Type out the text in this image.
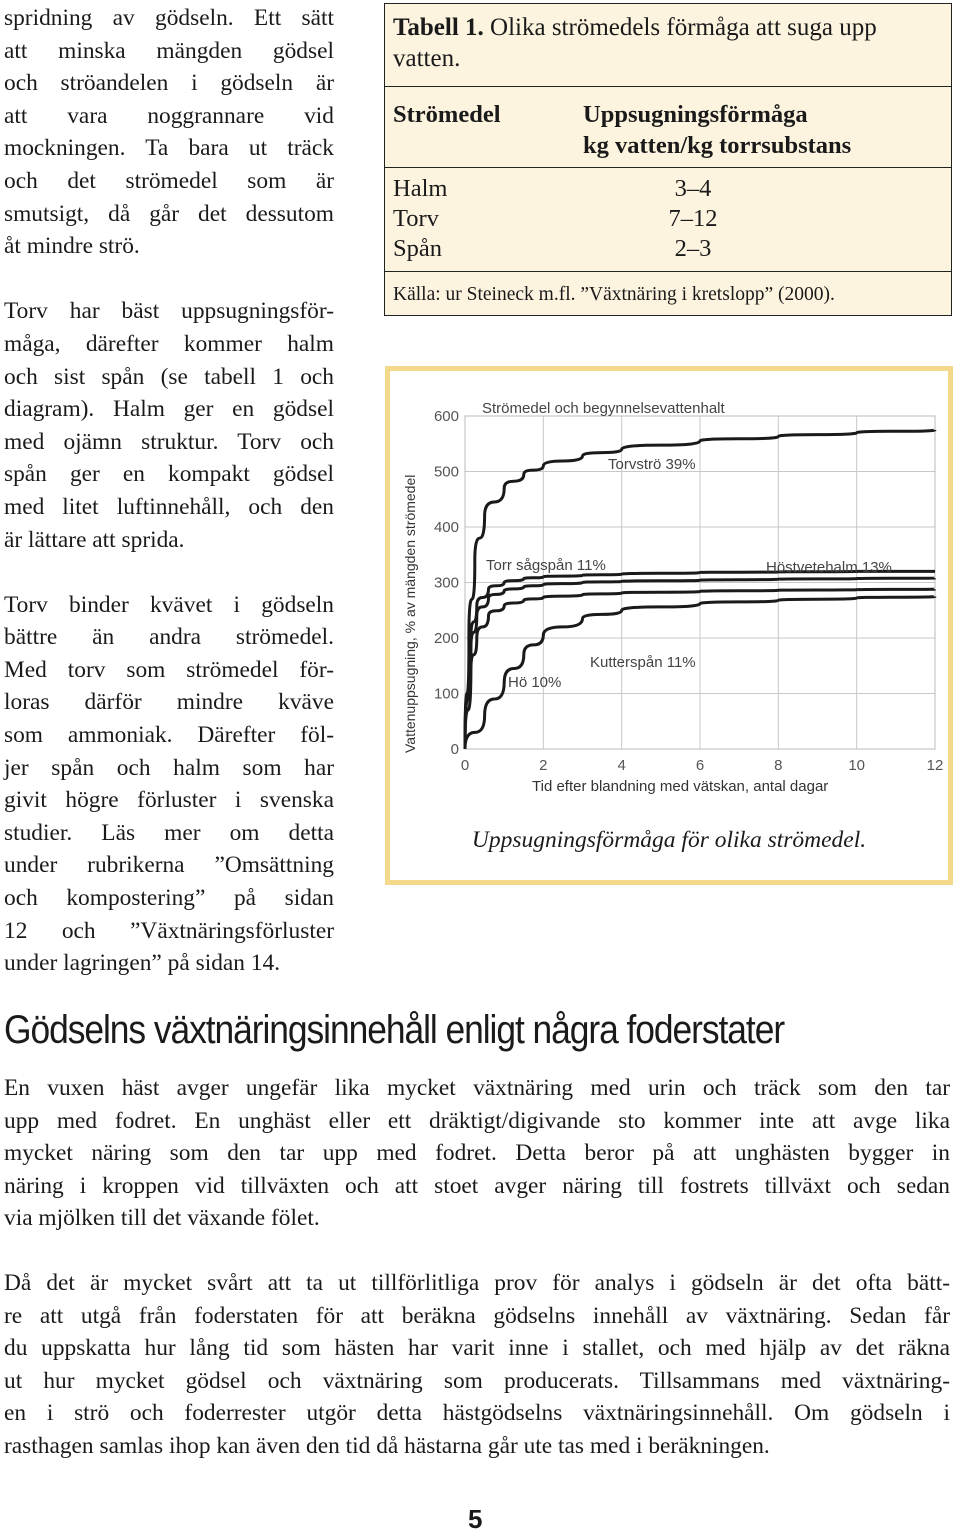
spridning av gödseln. Ett sätt
att minska mängden gödsel
och ströandelen i gödseln är
att vara noggrannare vid
mockningen. Ta bara ut träck
och det strömedel som är
smutsigt, då går det dessutom
åt mindre strö.

Torv har bäst uppsugningsför-
måga, därefter kommer halm
och sist spån (se tabell 1 och
diagram). Halm ger en gödsel
med ojämn struktur. Torv och
spån ger en kompakt gödsel
med litet luftinnehåll, och den
är lättare att sprida.

Torv binder kvävet i gödseln
bättre än andra strömedel.
Med torv som strömedel för-
loras därför mindre kväve
som ammoniak. Därefter föl-
jer spån och halm som har
givit högre förluster i svenska
studier. Läs mer om detta
under rubrikerna ”Omsättning
och kompostering” på sidan
12 och ”Växtnäringsförluster
under lagringen” på sidan 14.

Tabell 1. Olika strömedels förmåga att suga upp vatten.
Strömedel	Uppsugningsförmåga
kg vatten/kg torrsubstans
Halm	3–4
Torv	7–12
Spån	2–3
Källa: ur Steineck m.fl. ”Växtnäring i kretslopp” (2000).
0	2	4	6	8	10	12
0
100
200
300
400
500
600 Strömedel och begynnelsevattenhalt
Tid efter blandning med vätskan, antal dagar
Vattenuppsugning, % av mängden strömedel
Torvströ 39%
Torr sågspån 11%	Höstvetehalm 13%
Kutterspån 11%
Hö 10%
Uppsugningsförmåga för olika strömedel.
Gödselns växtnäringsinnehåll enligt några foderstater
En vuxen häst avger ungefär lika mycket växtnäring med urin och träck som den tar
upp med fodret. En unghäst eller ett dräktigt/digivande sto kommer inte att avge lika
mycket näring som den tar upp med fodret. Detta beror på att unghästen bygger in
näring i kroppen vid tillväxten och att stoet avger näring till fostrets tillväxt och sedan
via mjölken till det växande fölet.
Då det är mycket svårt att ta ut tillförlitliga prov för analys i gödseln är det ofta bätt-
re att utgå från foderstaten för att beräkna gödselns innehåll av växtnäring. Sedan får
du uppskatta hur lång tid som hästen har varit inne i stallet, och med hjälp av det räkna
ut hur mycket gödsel och växtnäring som producerats. Tillsammans med växtnäring-
en i strö och foderrester utgör detta hästgödselns växtnäringsinnehåll. Om gödseln i
rasthagen samlas ihop kan även den tid då hästarna går ute tas med i beräkningen.
5
